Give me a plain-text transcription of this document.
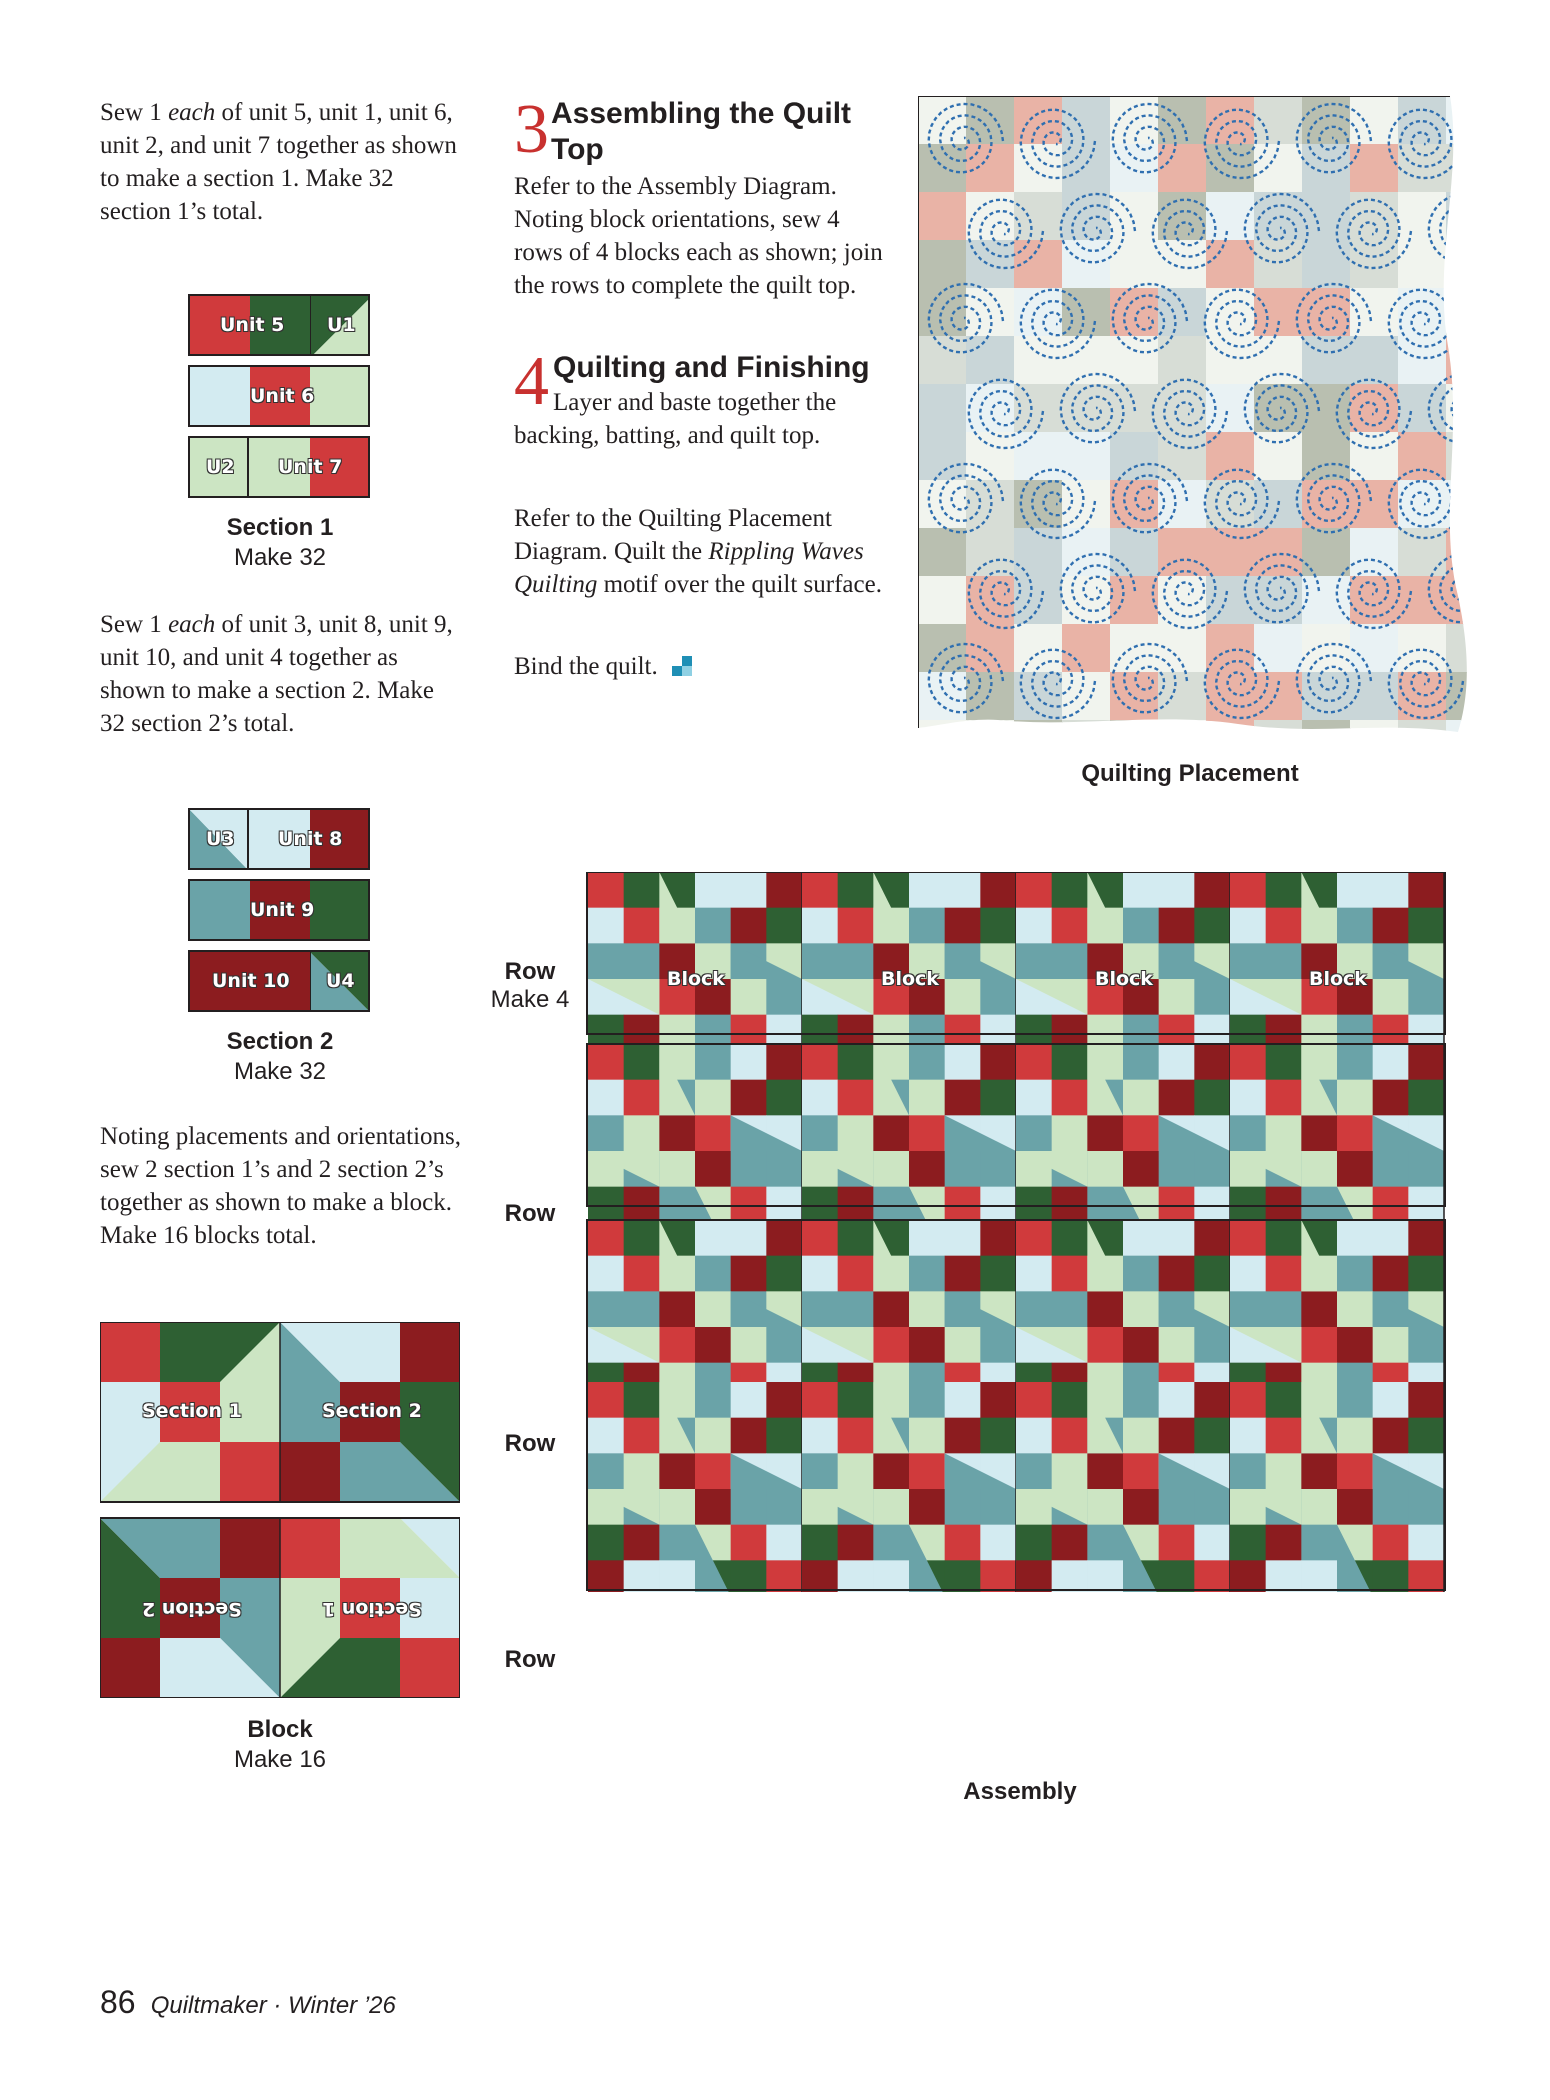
Sew 1 each of unit 5, unit 1, unit 6, unit 2, and unit 7 together as shown to make a section 1. Make 32 section 1’s total.
Unit 5 U1
Unit 6
U2 Unit 7
Section 1
Make 32
Sew 1 each of unit 3, unit 8, unit 9, unit 10, and unit 4 together as shown to make a section 2. Make 32 section 2’s total.
U3 Unit 8
Unit 9
Unit 10 U4
Section 2
Make 32
Noting placements and orientations, sew 2 section 1’s and 2 section 2’s together as shown to make a block. Make 16 blocks total.
Section 1	Section 2
Section 2	Section 1
Block
Make 16
3 Assembling the Quilt Top
Refer to the Assembly Diagram. Noting block orientations, sew 4 rows of 4 blocks each as shown; join the rows to complete the quilt top.
4 Quilting and Finishing
Layer and baste together the backing, batting, and quilt top.
Refer to the Quilting Placement Diagram. Quilt the Rippling Waves Quilting motif over the quilt surface.
Bind the quilt.
Quilting Placement
Row
Make 4
Row
Row
Row
Block	Block	Block	Block
Assembly
86 Quiltmaker · Winter ’26
